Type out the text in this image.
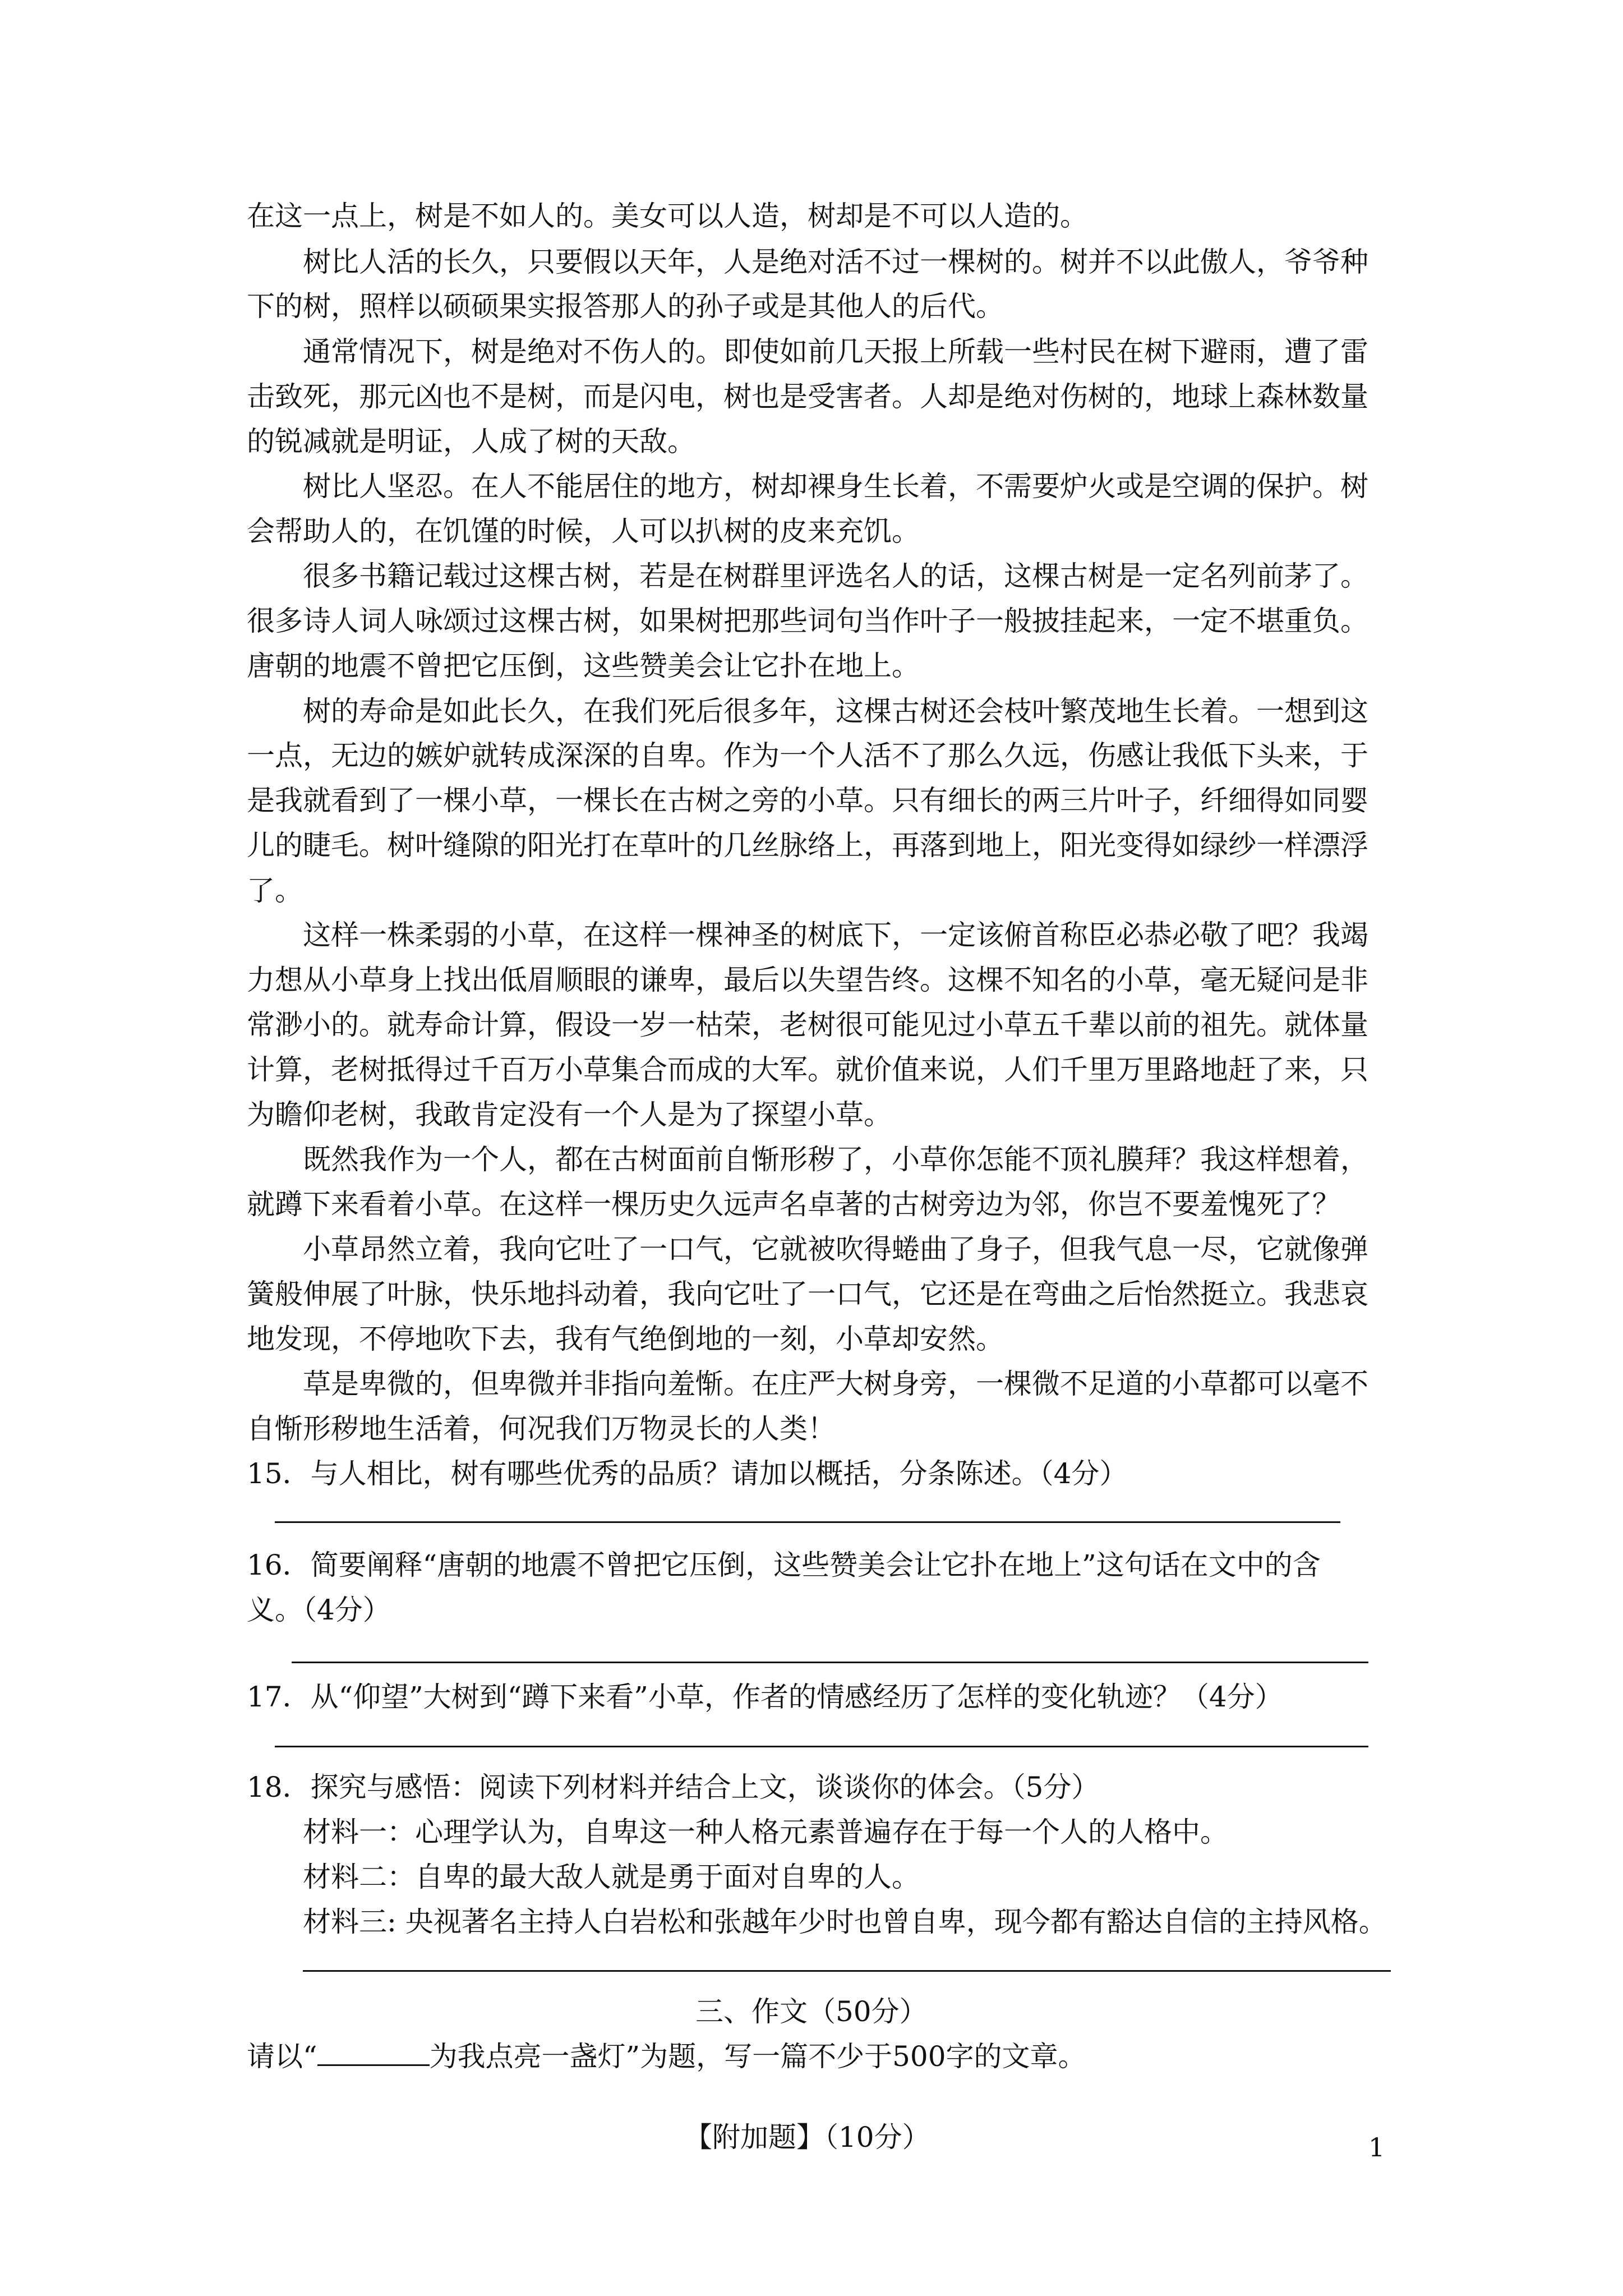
在这一点上，树是不如人的。美女可以人造，树却是不可以人造的。

树比人活的长久，只要假以天年，人是绝对活不过一棵树的。树并不以此傲人，爷爷种

下的树，照样以硕硕果实报答那人的孙子或是其他人的后代。

通常情况下，树是绝对不伤人的。即使如前几天报上所载一些村民在树下避雨，遭了雷

击致死，那元凶也不是树，而是闪电，树也是受害者。人却是绝对伤树的，地球上森林数量

的锐减就是明证，人成了树的天敌。

树比人坚忍。在人不能居住的地方，树却裸身生长着，不需要炉火或是空调的保护。树

会帮助人的，在饥馑的时候，人可以扒树的皮来充饥。

很多书籍记载过这棵古树，若是在树群里评选名人的话，这棵古树是一定名列前茅了。

很多诗人词人咏颂过这棵古树，如果树把那些词句当作叶子一般披挂起来，一定不堪重负。

唐朝的地震不曾把它压倒，这些赞美会让它扑在地上。

树的寿命是如此长久，在我们死后很多年，这棵古树还会枝叶繁茂地生长着。一想到这

一点，无边的嫉妒就转成深深的自卑。作为一个人活不了那么久远，伤感让我低下头来，于

是我就看到了一棵小草，一棵长在古树之旁的小草。只有细长的两三片叶子，纤细得如同婴

儿的睫毛。树叶缝隙的阳光打在草叶的几丝脉络上，再落到地上，阳光变得如绿纱一样漂浮

了。

这样一株柔弱的小草，在这样一棵神圣的树底下，一定该俯首称臣必恭必敬了吧？我竭

力想从小草身上找出低眉顺眼的谦卑，最后以失望告终。这棵不知名的小草，毫无疑问是非

常渺小的。就寿命计算，假设一岁一枯荣，老树很可能见过小草五千辈以前的祖先。就体量

计算，老树抵得过千百万小草集合而成的大军。就价值来说，人们千里万里路地赶了来，只

为瞻仰老树，我敢肯定没有一个人是为了探望小草。

既然我作为一个人，都在古树面前自惭形秽了，小草你怎能不顶礼膜拜？我这样想着，

就蹲下来看着小草。在这样一棵历史久远声名卓著的古树旁边为邻，你岂不要羞愧死了？

小草昂然立着，我向它吐了一口气，它就被吹得蜷曲了身子，但我气息一尽，它就像弹

簧般伸展了叶脉，快乐地抖动着，我向它吐了一口气，它还是在弯曲之后怡然挺立。我悲哀

地发现，不停地吹下去，我有气绝倒地的一刻，小草却安然。

草是卑微的，但卑微并非指向羞惭。在庄严大树身旁，一棵微不足道的小草都可以毫不

自惭形秽地生活着，何况我们万物灵长的人类！

15．与人相比，树有哪些优秀的品质？请加以概括，分条陈述。（4分）

16．简要阐释“唐朝的地震不曾把它压倒，这些赞美会让它扑在地上”这句话在文中的含

义。（4分）

17．从“仰望”大树到“蹲下来看”小草，作者的情感经历了怎样的变化轨迹？（4分）

18．探究与感悟：阅读下列材料并结合上文，谈谈你的体会。（5分）

材料一：心理学认为，自卑这一种人格元素普遍存在于每一个人的人格中。

材料二：自卑的最大敌人就是勇于面对自卑的人。

材料三: 央视著名主持人白岩松和张越年少时也曾自卑，现今都有豁达自信的主持风格。

三、作文（50分）

请以“	为我点亮一盏灯”为题，写一篇不少于500字的文章。

【附加题】（10分）	1
